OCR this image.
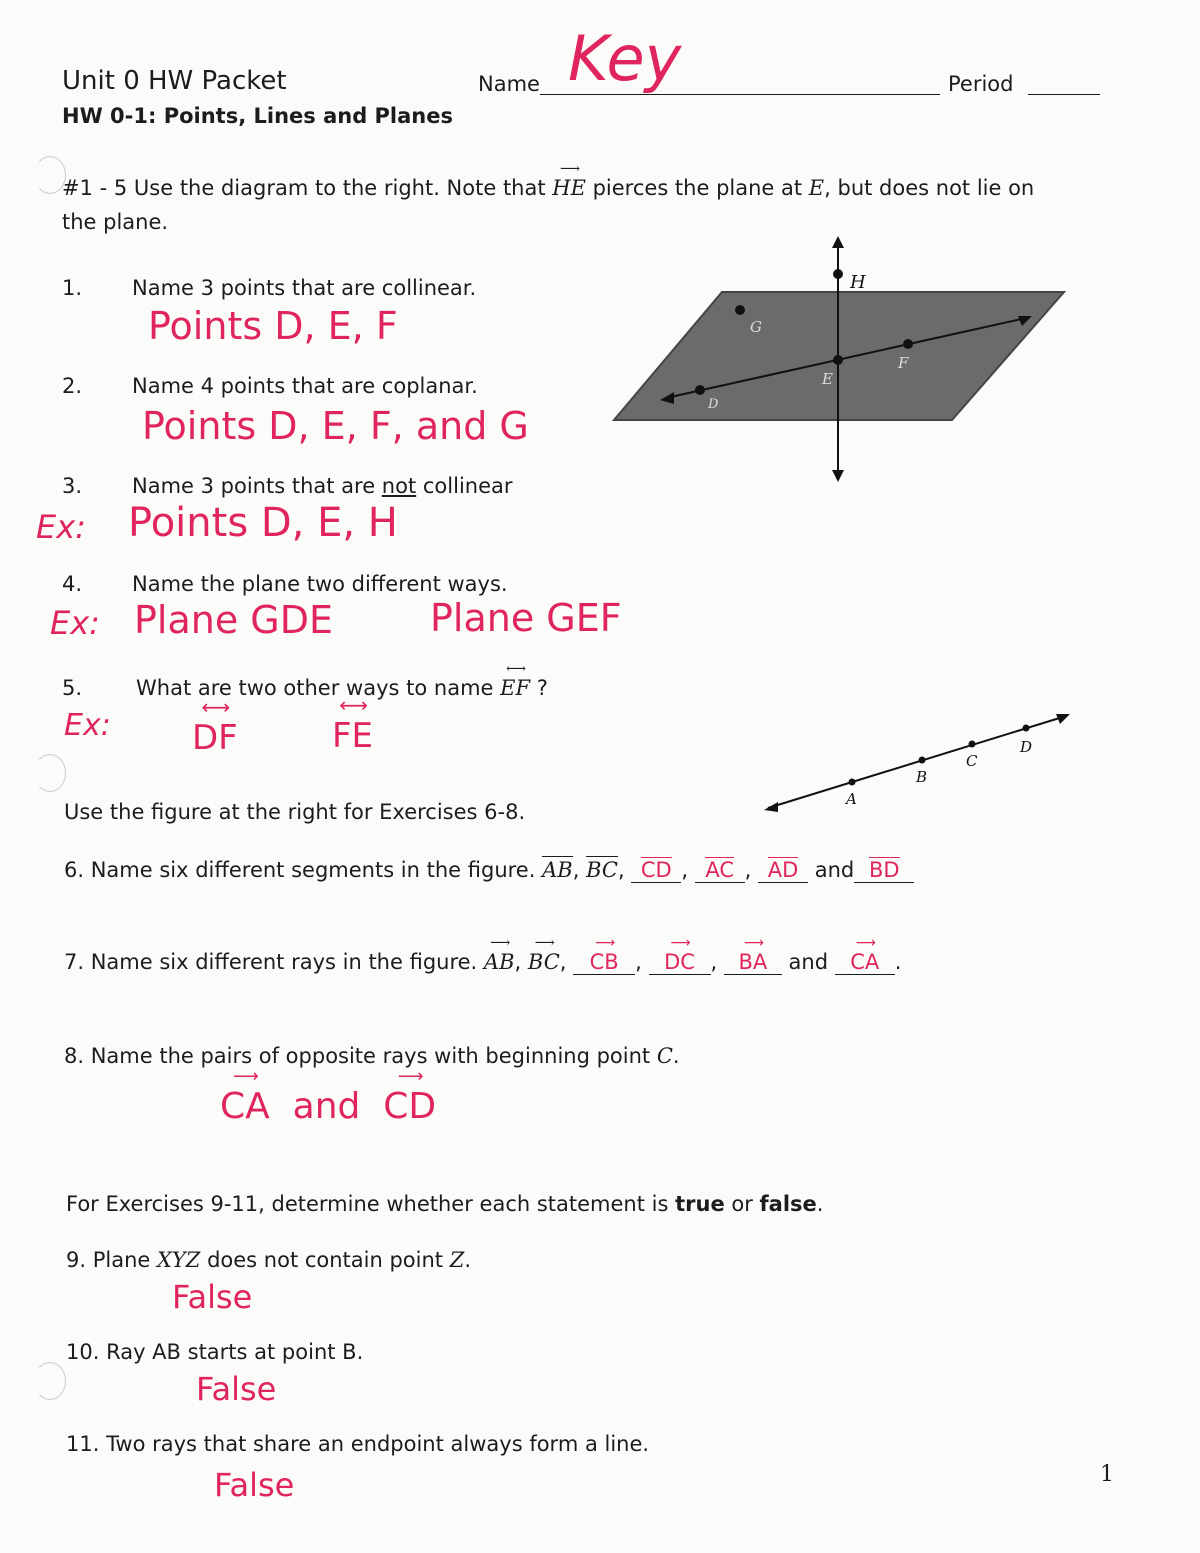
Unit 0 HW Packet
HW 0-1: Points, Lines and Planes
Name Key	Period
#1 - 5 Use the diagram to the right. Note that
⟶
HE pierces the plane at E, but does not lie on
the plane.
H
G
E
F
D
1. Name 3 points that are collinear.
Points D, E, F
2. Name 4 points that are coplanar.
Points D, E, F, and G
3. Name 3 points that are not collinear
Ex: Points D, E, H
4. Name the plane two different ways.
Ex: Plane GDE	Plane GEF
5.	What are two other ways to name
⟷
EF ?
Ex:
⟷
DF
⟷
FE
A
B
C
D
Use the figure at the right for Exercises 6-8.
6. Name six different segments in the figure. AB, BC, CD , AC , AD and BD
7. Name six different rays in the figure.
⟶
AB,
⟶
BC,
⟶
CB ,
⟶
DC ,
⟶
BA and
⟶
CA .
8. Name the pairs of opposite rays with beginning point C.
⟶
CA and
⟶
CD
For Exercises 9-11, determine whether each statement is true or false.
9. Plane XYZ does not contain point Z.
False
10. Ray AB starts at point B.
False
11. Two rays that share an endpoint always form a line.
False	1
